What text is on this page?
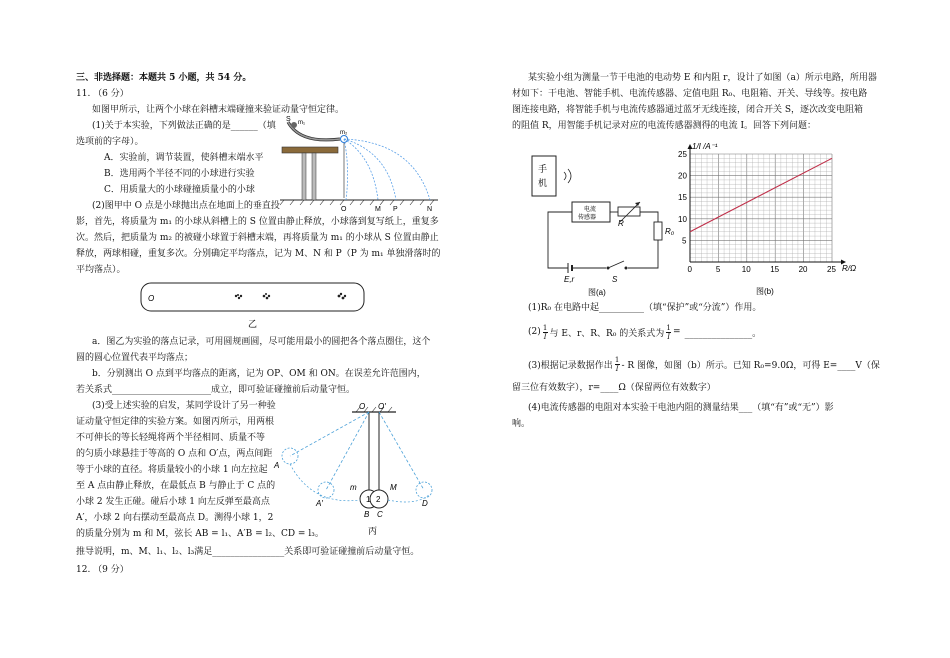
三、非选择题：本题共 5 小题，共 54 分。
11. （6 分）
如图甲所示，让两个小球在斜槽末端碰撞来验证动量守恒定律。
(1)关于本实验，下列做法正确的是______（填
选项前的字母）。
A．实验前，调节装置，使斜槽末端水平
B．选用两个半径不同的小球进行实验
C．用质量大的小球碰撞质量小的小球
(2)图甲中 O 点是小球抛出点在地面上的垂直投
影，首先，将质量为 m₁ 的小球从斜槽上的 S 位置由静止释放，小球落到复写纸上，重复多
次。然后，把质量为 m₂ 的被碰小球置于斜槽末端，再将质量为 m₁ 的小球从 S 位置由静止
释放，两球相碰，重复多次。分别确定平均落点，记为 M、N 和 P（P 为 m₁ 单独滑落时的
平均落点）。
S m₁
m₂
O	M P	N
O
乙
a．图乙为实验的落点记录，可用圆规画圆，尽可能用最小的圆把各个落点圈住，这个
圆的圆心位置代表平均落点；
b．分别测出 O 点到平均落点的距离，记为 OP、OM 和 ON。在误差允许范围内，
若关系式______________________成立，即可验证碰撞前后动量守恒。
(3)受上述实验的启发，某同学设计了另一种验
证动量守恒定律的实验方案。如图丙所示，用两根
不可伸长的等长轻绳将两个半径相同、质量不等
的匀质小球悬挂于等高的 O 点和 O′点，两点间距
等于小球的直径。将质量较小的小球 1 向左拉起
至 A 点由静止释放，在最低点 B 与静止于 C 点的
小球 2 发生正碰。碰后小球 1 向左反弹至最高点
A′，小球 2 向右摆动至最高点 D。测得小球 1，2
的质量分别为 m 和 M，弦长 AB = l₁、A′B = l₂、CD = l₃。
推导说明，m、M、l₁、l₂、l₃满足________________关系即可验证碰撞前后动量守恒。
12. （9 分）
O O′
A
A′
m	M
1 2
B C
D
丙
某实验小组为测量一节干电池的电动势 E 和内阻 r，设计了如图（a）所示电路，所用器
材如下：干电池、智能手机、电流传感器、定值电阻 R₀、电阻箱、开关、导线等。按电路
图连接电路，将智能手机与电流传感器通过蓝牙无线连接，闭合开关 S，逐次改变电阻箱
的阻值 R，用智能手机记录对应的电流传感器测得的电流 I。回答下列问题：
手
机
电流
传感器
R
R₀
E,r	S
图(a)
0	5	10 15 20 25
5
10
15
20
25
1/I /A⁻¹
R/Ω
图(b)
(1)R₀ 在电路中起__________（填“保护”或“分流”）作用。
$(2) \frac{1}{I}$ 与 E、r、R、R₀ 的关系式为 $\frac{1}{I}$ = _______________。
(3)根据记录数据作出 $\frac{1}{I}$ - R 图像，如图（b）所示。已知 R₀=9.0Ω，可得 E=____V（保
留三位有效数字），r=____Ω（保留两位有效数字）
(4)电流传感器的电阻对本实验干电池内阻的测量结果___（填“有”或“无”）影
响。
